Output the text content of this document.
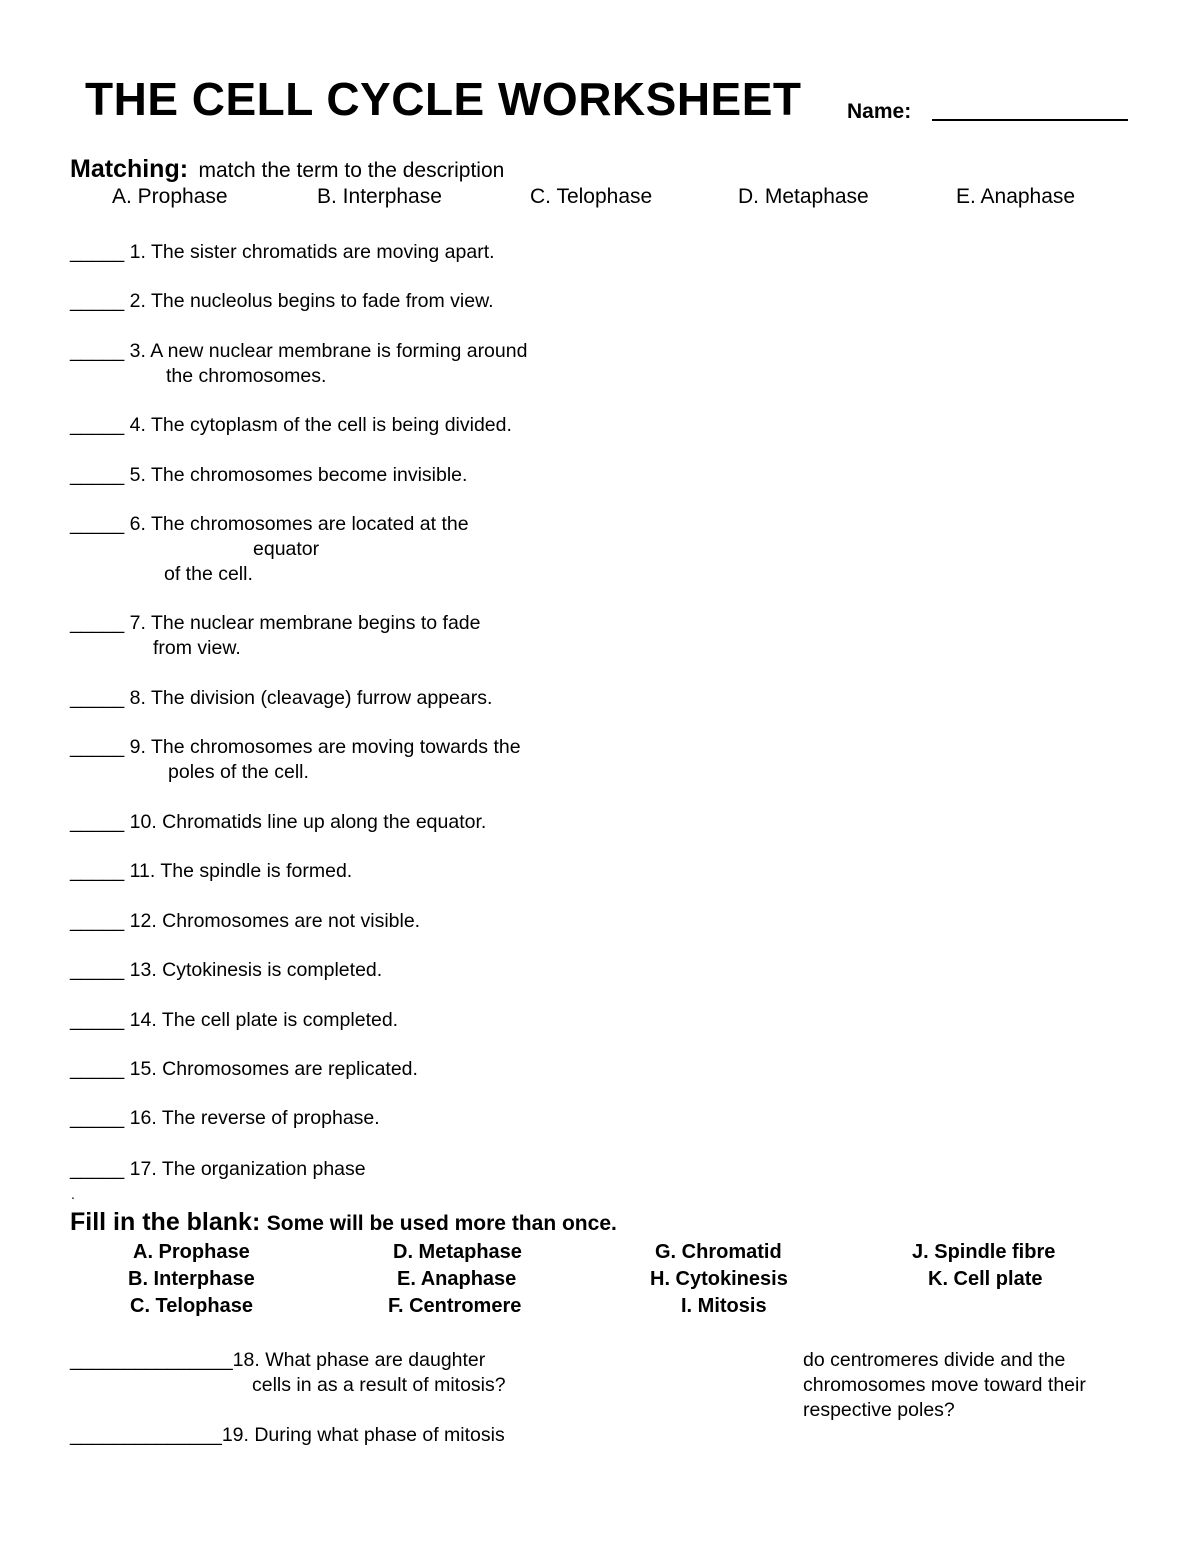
THE CELL CYCLE WORKSHEET Name:
Matching: match the term to the description
A. Prophase	B. Interphase	C. Telophase	D. Metaphase	E. Anaphase
_____ 1. The sister chromatids are moving apart.
_____ 2. The nucleolus begins to fade from view.
_____ 3. A new nuclear membrane is forming around
the chromosomes.
_____ 4. The cytoplasm of the cell is being divided.
_____ 5. The chromosomes become invisible.
_____ 6. The chromosomes are located at the
equator
of the cell.
_____ 7. The nuclear membrane begins to fade
from view.
_____ 8. The division (cleavage) furrow appears.
_____ 9. The chromosomes are moving towards the
poles of the cell.
_____ 10. Chromatids line up along the equator.
_____ 11. The spindle is formed.
_____ 12. Chromosomes are not visible.
_____ 13. Cytokinesis is completed.
_____ 14. The cell plate is completed.
_____ 15. Chromosomes are replicated.
_____ 16. The reverse of prophase.
_____ 17. The organization phase
.
Fill in the blank: Some will be used more than once.
A. Prophase	D. Metaphase	G. Chromatid	J. Spindle fibre
B. Interphase	E. Anaphase	H. Cytokinesis	K. Cell plate
C. Telophase	F. Centromere	I. Mitosis
_______________18. What phase are daughter
cells in as a result of mitosis?
______________19. During what phase of mitosis
do centromeres divide and the
chromosomes move toward their
respective poles?
